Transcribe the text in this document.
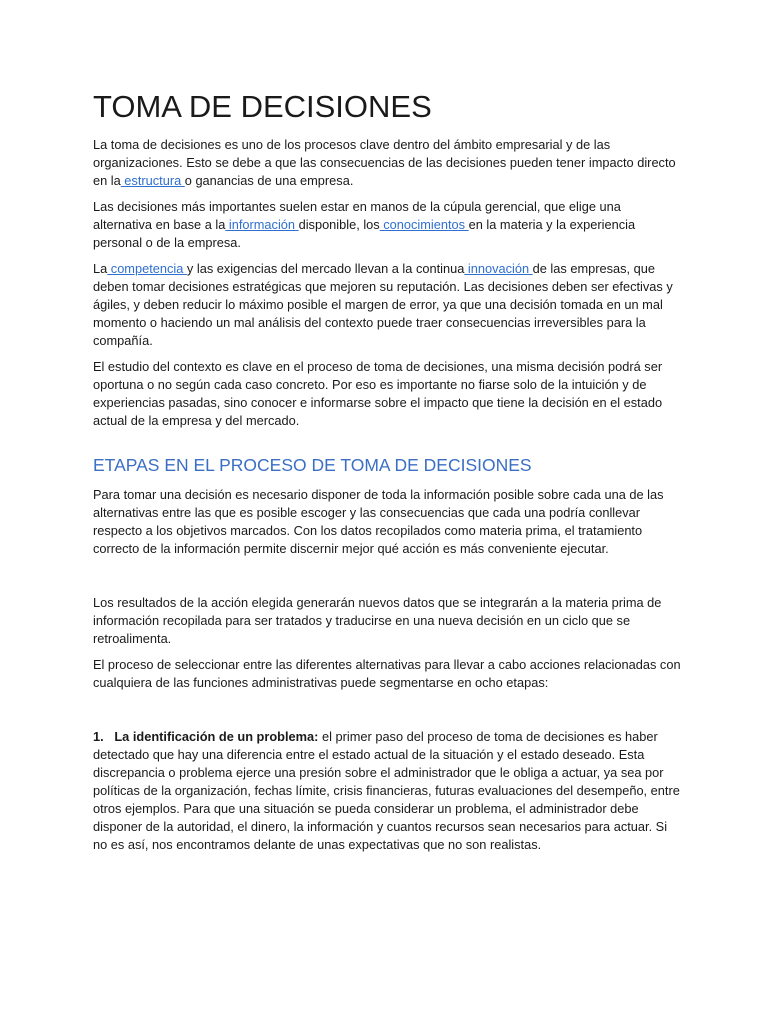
TOMA DE DECISIONES

La toma de decisiones es uno de los procesos clave dentro del ámbito empresarial y de las organizaciones. Esto se debe a que las consecuencias de las decisiones pueden tener impacto directo en la estructura o ganancias de una empresa.

Las decisiones más importantes suelen estar en manos de la cúpula gerencial, que elige una alternativa en base a la información disponible, los conocimientos en la materia y la experiencia personal o de la empresa.

La competencia y las exigencias del mercado llevan a la continua innovación de las empresas, que deben tomar decisiones estratégicas que mejoren su reputación. Las decisiones deben ser efectivas y ágiles, y deben reducir lo máximo posible el margen de error, ya que una decisión tomada en un mal momento o haciendo un mal análisis del contexto puede traer consecuencias irreversibles para la compañía.

El estudio del contexto es clave en el proceso de toma de decisiones, una misma decisión podrá ser oportuna o no según cada caso concreto. Por eso es importante no fiarse solo de la intuición y de experiencias pasadas, sino conocer e informarse sobre el impacto que tiene la decisión en el estado actual de la empresa y del mercado.

ETAPAS EN EL PROCESO DE TOMA DE DECISIONES

Para tomar una decisión es necesario disponer de toda la información posible sobre cada una de las alternativas entre las que es posible escoger y las consecuencias que cada una podría conllevar respecto a los objetivos marcados. Con los datos recopilados como materia prima, el tratamiento correcto de la información permite discernir mejor qué acción es más conveniente ejecutar.

Los resultados de la acción elegida generarán nuevos datos que se integrarán a la materia prima de información recopilada para ser tratados y traducirse en una nueva decisión en un ciclo que se retroalimenta.

El proceso de seleccionar entre las diferentes alternativas para llevar a cabo acciones relacionadas con cualquiera de las funciones administrativas puede segmentarse en ocho etapas:

1. La identificación de un problema: el primer paso del proceso de toma de decisiones es haber detectado que hay una diferencia entre el estado actual de la situación y el estado deseado. Esta discrepancia o problema ejerce una presión sobre el administrador que le obliga a actuar, ya sea por políticas de la organización, fechas límite, crisis financieras, futuras evaluaciones del desempeño, entre otros ejemplos. Para que una situación se pueda considerar un problema, el administrador debe disponer de la autoridad, el dinero, la información y cuantos recursos sean necesarios para actuar. Si no es así, nos encontramos delante de unas expectativas que no son realistas.
